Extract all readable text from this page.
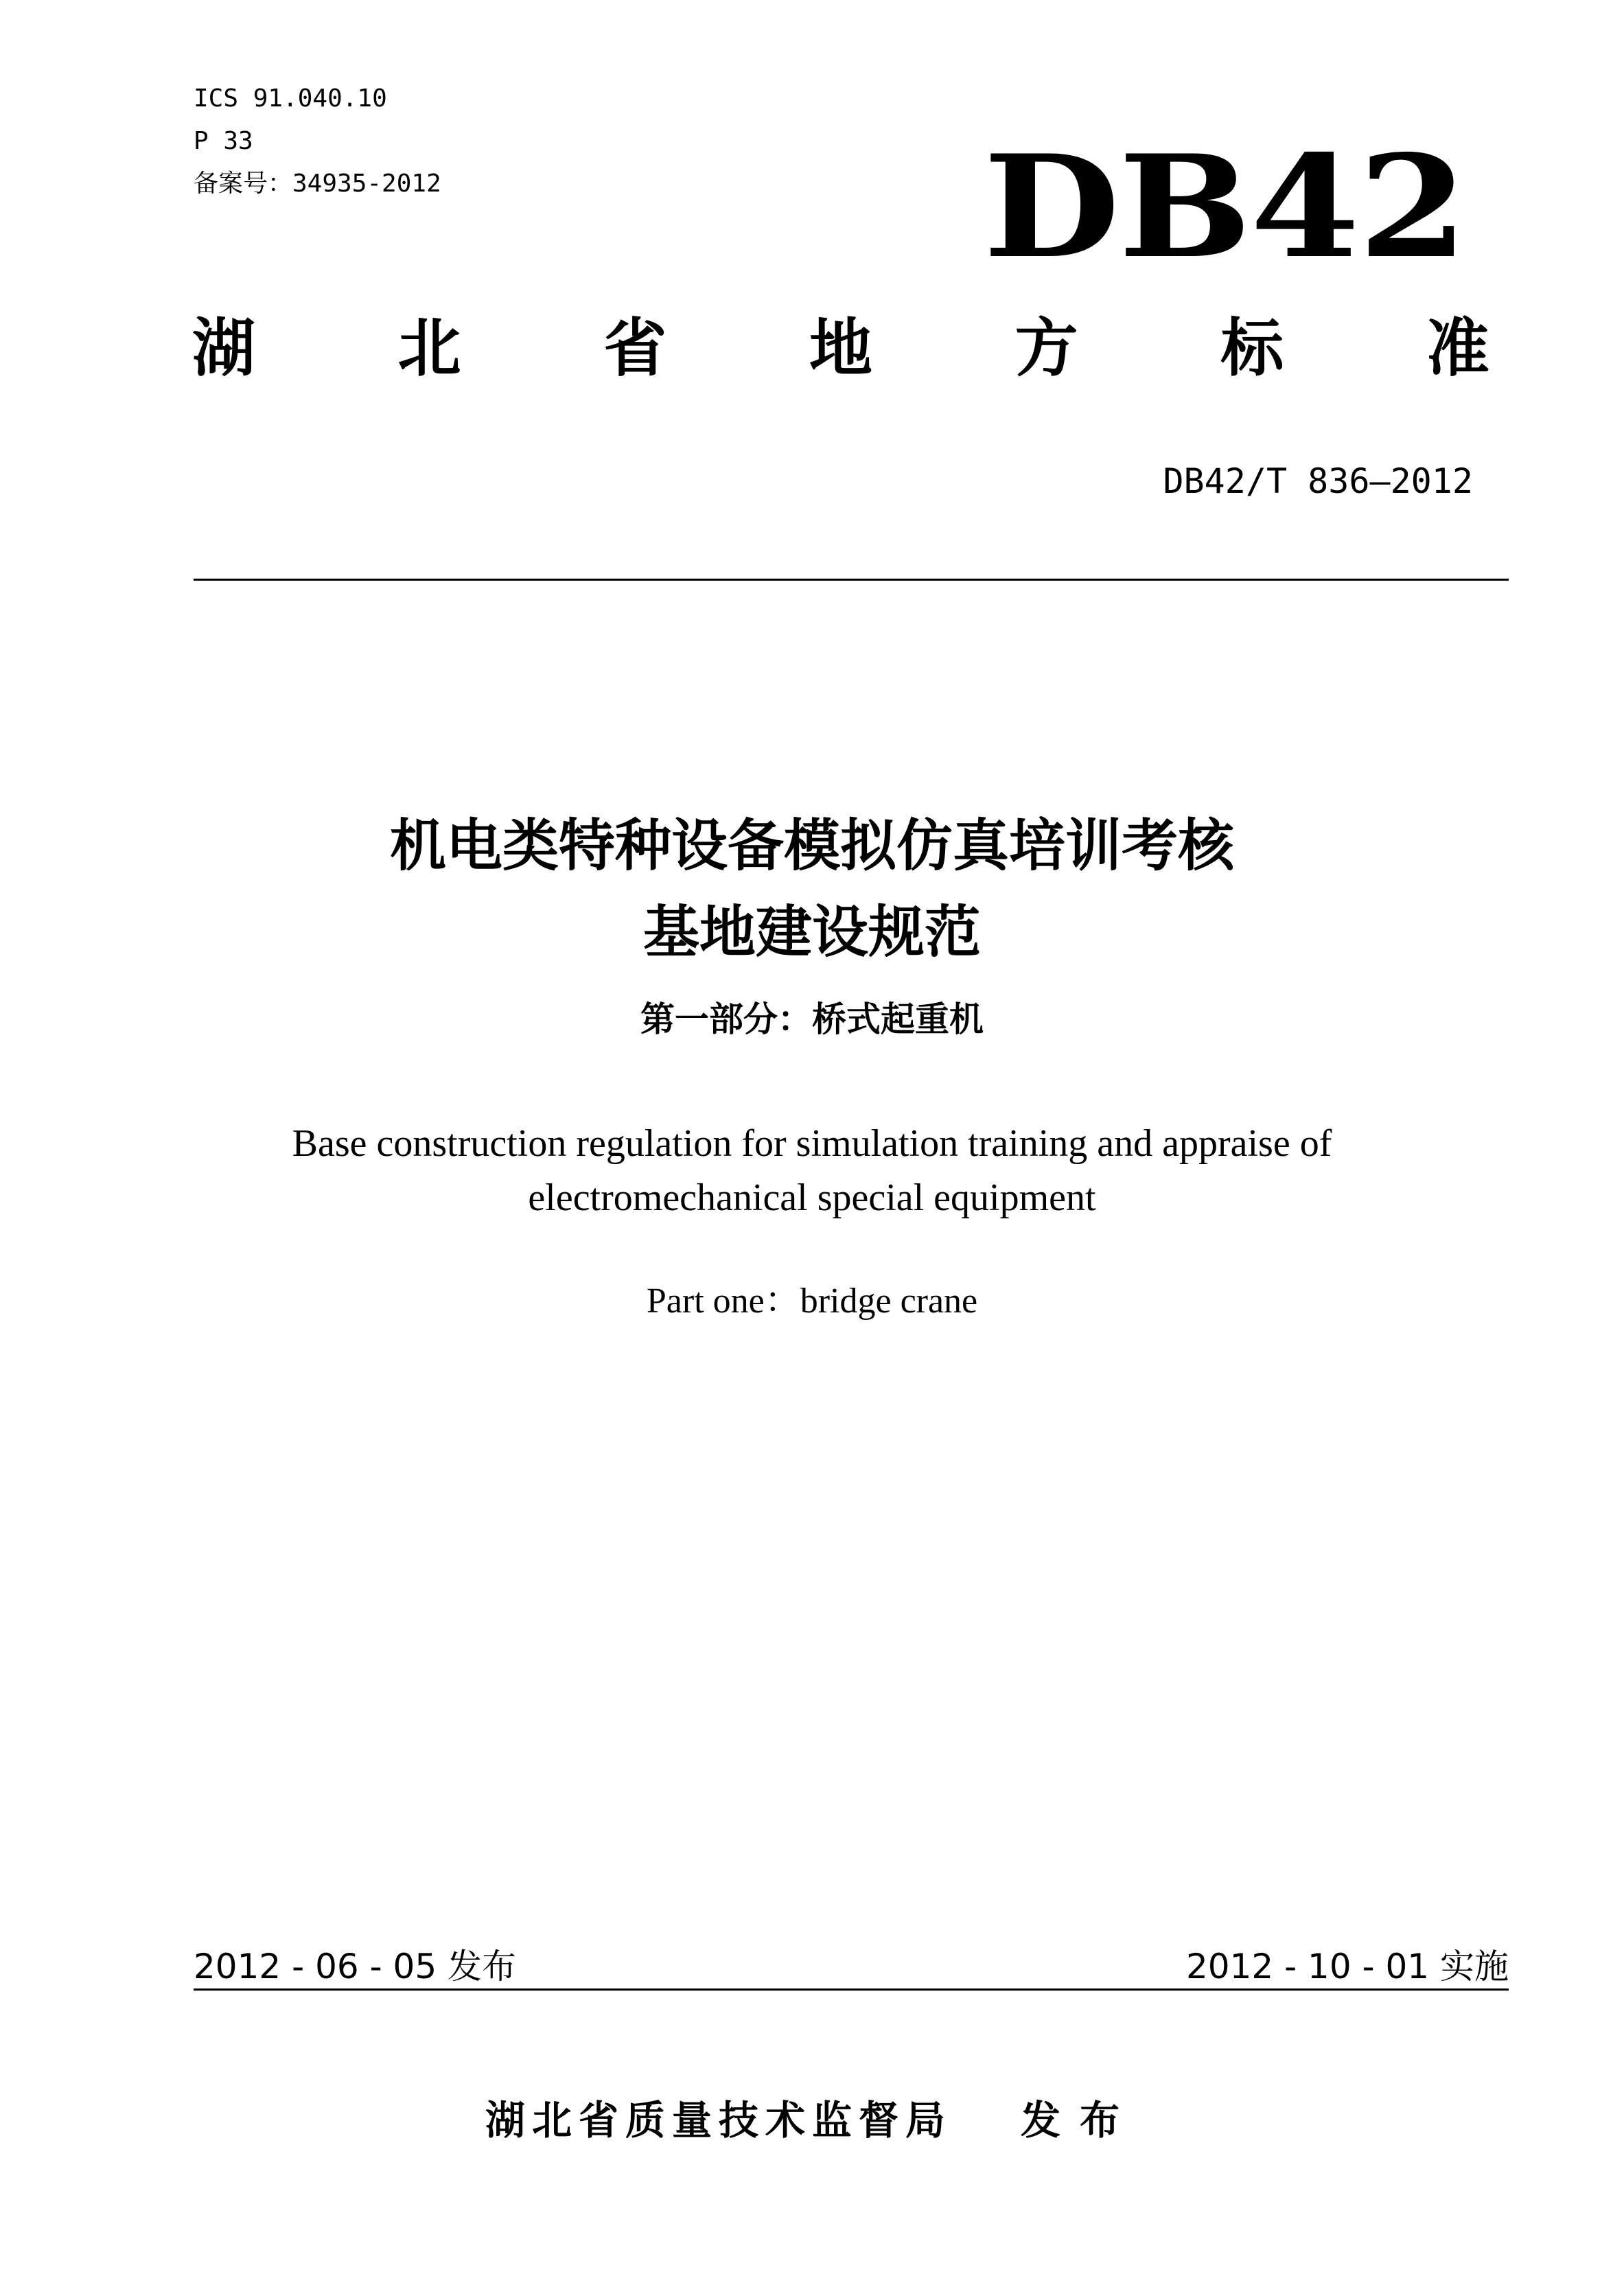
ICS 91.040.10
P 33
备案号：34935-2012	DB42
湖 北 省 地 方 标 准
DB42/T 836—2012
机电类特种设备模拟仿真培训考核
基地建设规范
第一部分：桥式起重机
Base construction regulation for simulation training and appraise of
electromechanical special equipment
Part one：bridge crane
2012 - 06 - 05 发布	2012 - 10 - 01 实施
湖北省质量技术监督局 发布
